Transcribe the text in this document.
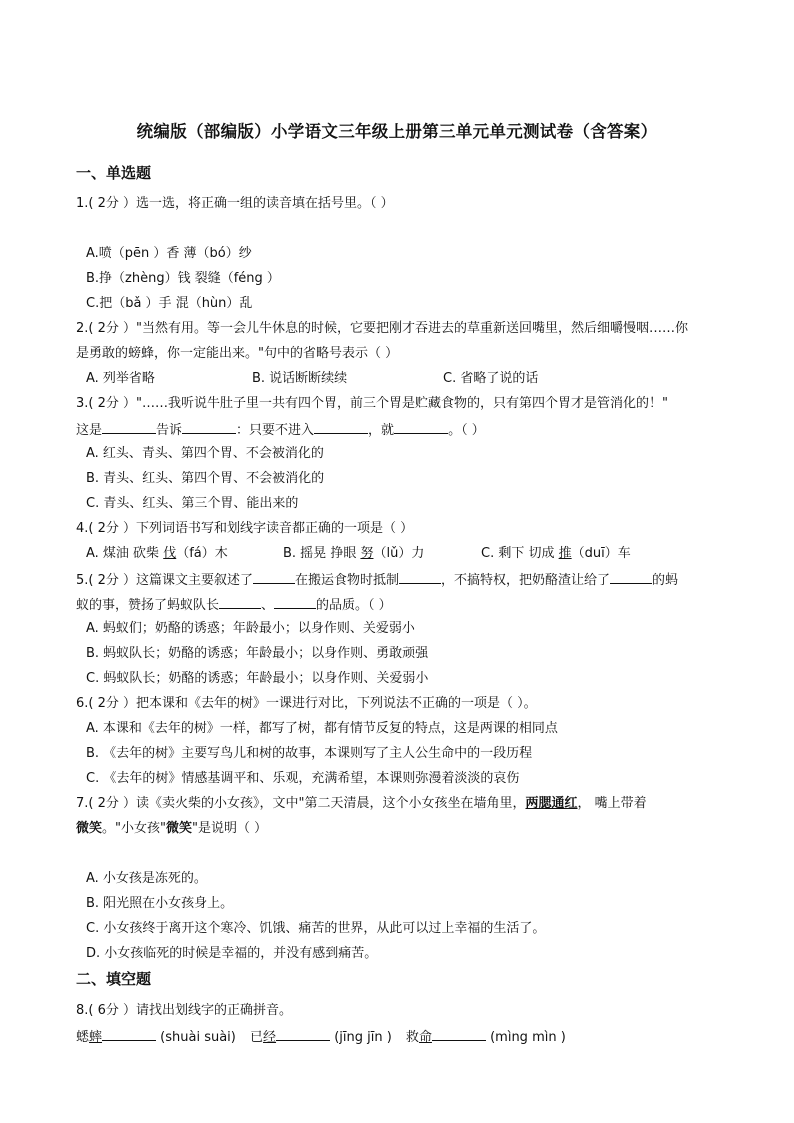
统编版（部编版）小学语文三年级上册第三单元单元测试卷（含答案）
一、单选题
1.( 2分 ）选一选，将正确一组的读音填在括号里。（ ）
A.喷（pēn ）香 薄（bó）纱
B.挣（zhèng）钱 裂缝（féng ）
C.把（bǎ ）手 混（hùn）乱
2.( 2分 ）"当然有用。等一会儿牛休息的时候，它要把刚才吞进去的草重新送回嘴里，然后细嚼慢咽……你
是勇敢的螃蜂，你一定能出来。"句中的省略号表示（ ）
A. 列举省略	B. 说话断断续续	C. 省略了说的话
3.( 2分 ）"……我听说牛肚子里一共有四个胃，前三个胃是贮藏食物的，只有第四个胃才是管消化的！"
这是	告诉	：只要不进入	，就	。（ ）
A. 红头、青头、第四个胃、不会被消化的
B. 青头、红头、第四个胃、不会被消化的
C. 青头、红头、第三个胃、能出来的
4.( 2分 ）下列词语书写和划线字读音都正确的一项是（ ）
A. 煤油 砍柴 伐（fá）木	B. 摇晃 挣眼 努（lǔ）力	C. 剩下 切成 推（duī）车
5.( 2分 ）这篇课文主要叙述了	在搬运食物时抵制	，不搞特权，把奶酪渣让给了	的蚂
蚁的事，赞扬了蚂蚁队长	、	的品质。（ ）
A. 蚂蚁们；奶酪的诱惑；年龄最小；以身作则、关爱弱小
B. 蚂蚁队长；奶酪的诱惑；年龄最小；以身作则、勇敢顽强
C. 蚂蚁队长；奶酪的诱惑；年龄最小；以身作则、关爱弱小
6.( 2分 ）把本课和《去年的树》一课进行对比，下列说法不正确的一项是（ ）。
A. 本课和《去年的树》一样，都写了树，都有情节反复的特点，这是两课的相同点
B. 《去年的树》主要写鸟儿和树的故事，本课则写了主人公生命中的一段历程
C. 《去年的树》情感基调平和、乐观，充满希望，本课则弥漫着淡淡的哀伤
7.( 2分 ）读《卖火柴的小女孩》，文中"第二天清晨，这个小女孩坐在墙角里，两腮通红， 嘴上带着
微笑。"小女孩"微笑"是说明（ ）
A. 小女孩是冻死的。
B. 阳光照在小女孩身上。
C. 小女孩终于离开这个寒冷、饥饿、痛苦的世界，从此可以过上幸福的生活了。
D. 小女孩临死的时候是幸福的，并没有感到痛苦。
二、填空题
8.( 6分 ）请找出划线字的正确拼音。
蟋蟀	(shuài suài) 已经	(jīng jīn ) 救命	(mìng mìn )
